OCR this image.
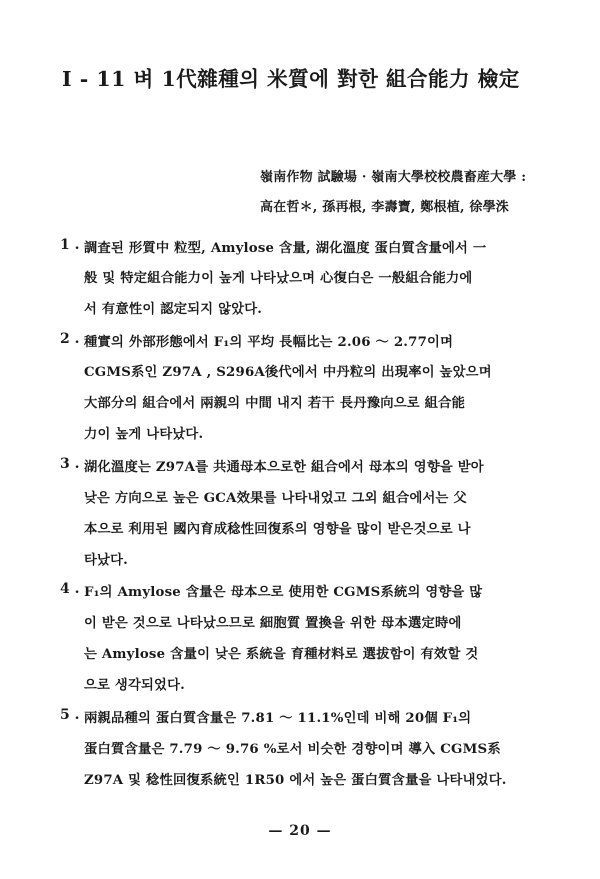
Ⅰ - 11 벼 1代雜種의 米質에 對한 組合能力 檢定
嶺南作物 試驗場 · 嶺南大學校校農畜産大學 :
高在哲＊, 孫再根, 李壽寶, 鄭根植, 徐學洙
1 . 調査된 形質中 粒型, Amylose 含量, 湖化溫度 蛋白質含量에서 一
般 및 特定組合能力이 높게 나타났으며 心復白은 一般組合能力에
서 有意性이 認定되지 않았다.
2 . 種實의 外部形態에서 F₁의 平均 長幅比는 2.06 ～ 2.77이며
CGMS系인 Z97A , S296A後代에서 中丹粒의 出現率이 높았으며
大部分의 組合에서 兩親의 中間 내지 若干 長丹豫向으로 組合能
力이 높게 나타났다.
3 . 湖化溫度는 Z97A를 共通母本으로한 組合에서 母本의 영향을 받아
낮은 方向으로 높은 GCA效果를 나타내었고 그외 組合에서는 父
本으로 利用된 國內育成稔性回復系의 영향을 많이 받은것으로 나
타났다.
4 . F₁의 Amylose 含量은 母本으로 使用한 CGMS系統의 영향을 많
이 받은 것으로 나타났으므로 細胞質 置換을 위한 母本選定時에
는 Amylose 含量이 낮은 系統을 育種材料로 選拔함이 有效할 것
으로 생각되었다.
5 . 兩親品種의 蛋白質含量은 7.81 ～ 11.1%인데 비해 20個 F₁의
蛋白質含量은 7.79 ～ 9.76 %로서 비슷한 경향이며 導入 CGMS系
Z97A 및 稔性回復系統인 1R50 에서 높은 蛋白質含量을 나타내었다.
— 20 —
